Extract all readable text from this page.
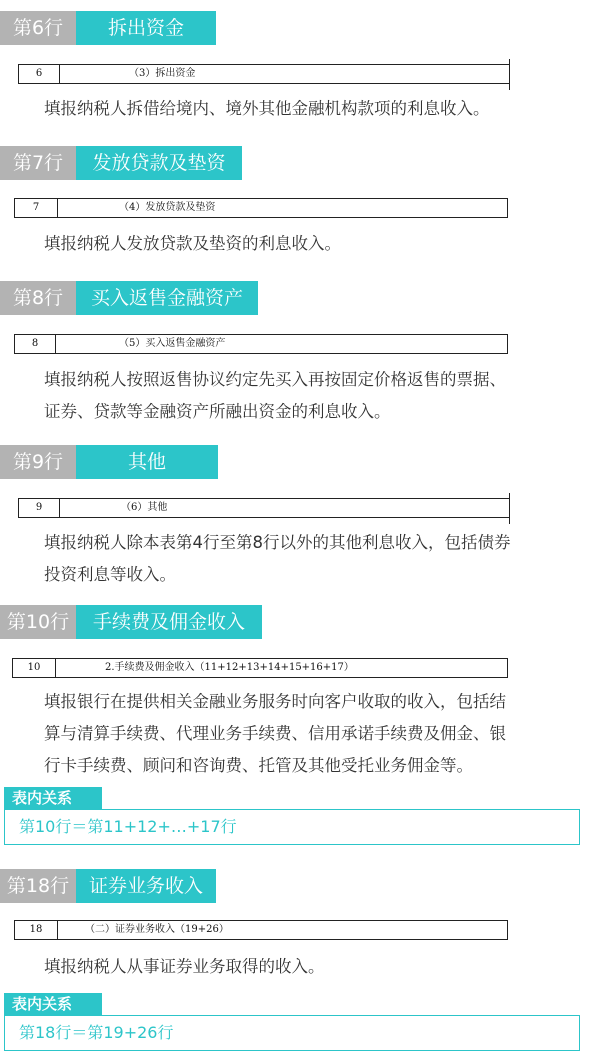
第6行	拆出资金
6	（3）拆出资金
填报纳税人拆借给境内、境外其他金融机构款项的利息收入。
第7行	发放贷款及垫资
7	（4）发放贷款及垫资
填报纳税人发放贷款及垫资的利息收入。
第8行	买入返售金融资产
8	（5）买入返售金融资产
填报纳税人按照返售协议约定先买入再按固定价格返售的票据、
证券、贷款等金融资产所融出资金的利息收入。
第9行	其他
9	（6）其他
填报纳税人除本表第4行至第8行以外的其他利息收入，包括债券
投资利息等收入。
第10行	手续费及佣金收入
10	2.手续费及佣金收入（11+12+13+14+15+16+17）
填报银行在提供相关金融业务服务时向客户收取的收入，包括结
算与清算手续费、代理业务手续费、信用承诺手续费及佣金、银
行卡手续费、顾问和咨询费、托管及其他受托业务佣金等。
表内关系
第10行＝第11+12+…+17行
第18行	证券业务收入
18	（二）证券业务收入（19+26）
填报纳税人从事证券业务取得的收入。
表内关系
第18行＝第19+26行
